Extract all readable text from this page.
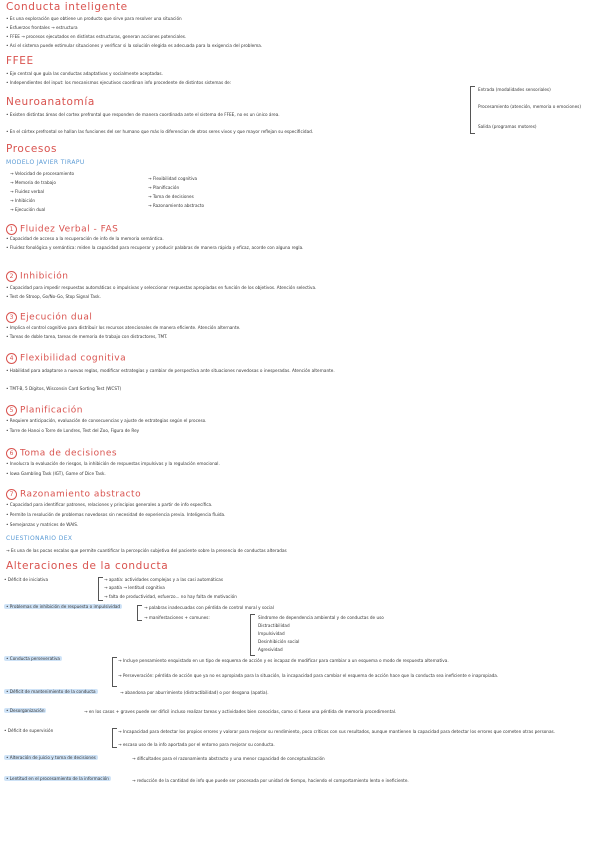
Conducta inteligente
• Es una exploración que obtiene un producto que sirve para resolver una situación
• Esfuerzos frontales → estructura
• FFEE → procesos ejecutados en distintas estructuras, generan acciones potenciales.
• Así el sistema puede estimular situaciones y verificar si la solución elegida es adecuada para la exigencia del problema.
FFEE
• Eje central que guía las conductas adaptativas y socialmente aceptadas.
• Independientes del input: los mecanismos ejecutivos coordinan info procedente de distintos sistemas de:
Entrada (modalidades sensoriales)
Procesamiento (atención, memoria o emociones)
Salida (programas motores)
Neuroanatomía
• Existen distintas áreas del cortex prefrontal que responden de manera coordinada ante el sistema de FFEE, no es un único área.
• En el córtex prefrontal se hallan las funciones del ser humano que más lo diferencian de otros seres vivos y que mayor reflejan su especificidad.
Procesos
MODELO JAVIER TIRAPU
→ Velocidad de procesamiento
→ Memoria de trabajo
→ Fluidez verbal
→ Inhibición
→ Ejecución dual
→ Flexibilidad cognitiva
→ Planificación
→ Toma de decisiones
→ Razonamiento abstracto
1 Fluidez Verbal - FAS
• Capacidad de acceso a la recuperación de info de la memoria semántica.
• Fluidez fonológica y semántica: miden la capacidad para recuperar y producir palabras de manera rápida y eficaz, acorde con alguna regla.
2 Inhibición
• Capacidad para impedir respuestas automáticas o impulsivas y seleccionar respuestas apropiadas en función de los objetivos. Atención selectiva.
• Test de Stroop, Go/No-Go, Stop Signal Task.
3 Ejecución dual
• Implica el control cognitivo para distribuir los recursos atencionales de manera eficiente. Atención alternante.
• Tareas de doble tarea, tareas de memoria de trabajo con distractores, TMT.
4 Flexibilidad cognitiva
• Habilidad para adaptarse a nuevas reglas, modificar estrategias y cambiar de perspectiva ante situaciones novedosas o inesperadas. Atención alternante.
• TMT-B, 5 Dígitos, Wisconsin Card Sorting Test (WCST)
5 Planificación
• Requiere anticipación, evaluación de consecuencias y ajuste de estrategias según el proceso.
• Torre de Hanoi o Torre de Londres, Test del Zoo, Figura de Rey
6 Toma de decisiones
• Involucra la evaluación de riesgos, la inhibición de respuestas impulsivas y la regulación emocional.
• Iowa Gambling Task (IGT), Game of Dice Task.
7 Razonamiento abstracto
• Capacidad para identificar patrones, relaciones y principios generales a partir de info específica.
• Permite la resolución de problemas novedosos sin necesidad de experiencia previa. Inteligencia fluida.
• Semejanzas y matrices de WAIS.
CUESTIONARIO DEX
→ Es una de las pocas escalas que permite cuantificar la percepción subjetiva del paciente sobre la presencia de conductas alteradas
Alteraciones de la conducta
• Déficit de iniciativa	→ apatía: actividades complejas y a las casi automáticas
→ apatía → lentitud cognitiva
→ falta de productividad, esfuerzo... no hay falta de motivación
• Problemas de inhibición de respuesta o impulsividad	→ palabras inadecuadas con pérdida de control moral y social
→ manifestaciones + comunes:	Síndrome de dependencia ambiental y de conductas de uso
Distractibilidad
Impulsividad
Desinhibición social
Agresividad
• Conducta perseverativa	→ Incluye pensamiento enquistado en un tipo de esquema de acción y es incapaz de modificar para cambiar a un esquema o modo de respuesta alternativa.
→ Perseveración: pérdida de acción que ya no es apropiada para la situación, la incapacidad para cambiar el esquema de acción hace que la conducta sea ineficiente e inapropiada.
• Déficit de mantenimiento de la conducta	→ abandona por aburrimiento (distractibilidad) o por desgana (apatía).
• Desorganización	→ en los casos + graves puede ser difícil incluso realizar tareas y actividades bien conocidas, como si fuese una pérdida de memoria procedimental.
• Déficit de supervisión	→ Incapacidad para detectar los propios errores y valorar para mejorar su rendimiento, poco críticos con sus resultados, aunque mantienen la capacidad para detectar los errores que cometen otras personas.
→ escaso uso de la info aportada por el entorno para mejorar su conducta.
• Alteración de juicio y toma de decisiones	→ dificultades para el razonamiento abstracto y una menor capacidad de conceptualización
• Lentitud en el procesamiento de la información	→ reducción de la cantidad de info que puede ser procesada por unidad de tiempo, haciendo el comportamiento lento e ineficiente.
